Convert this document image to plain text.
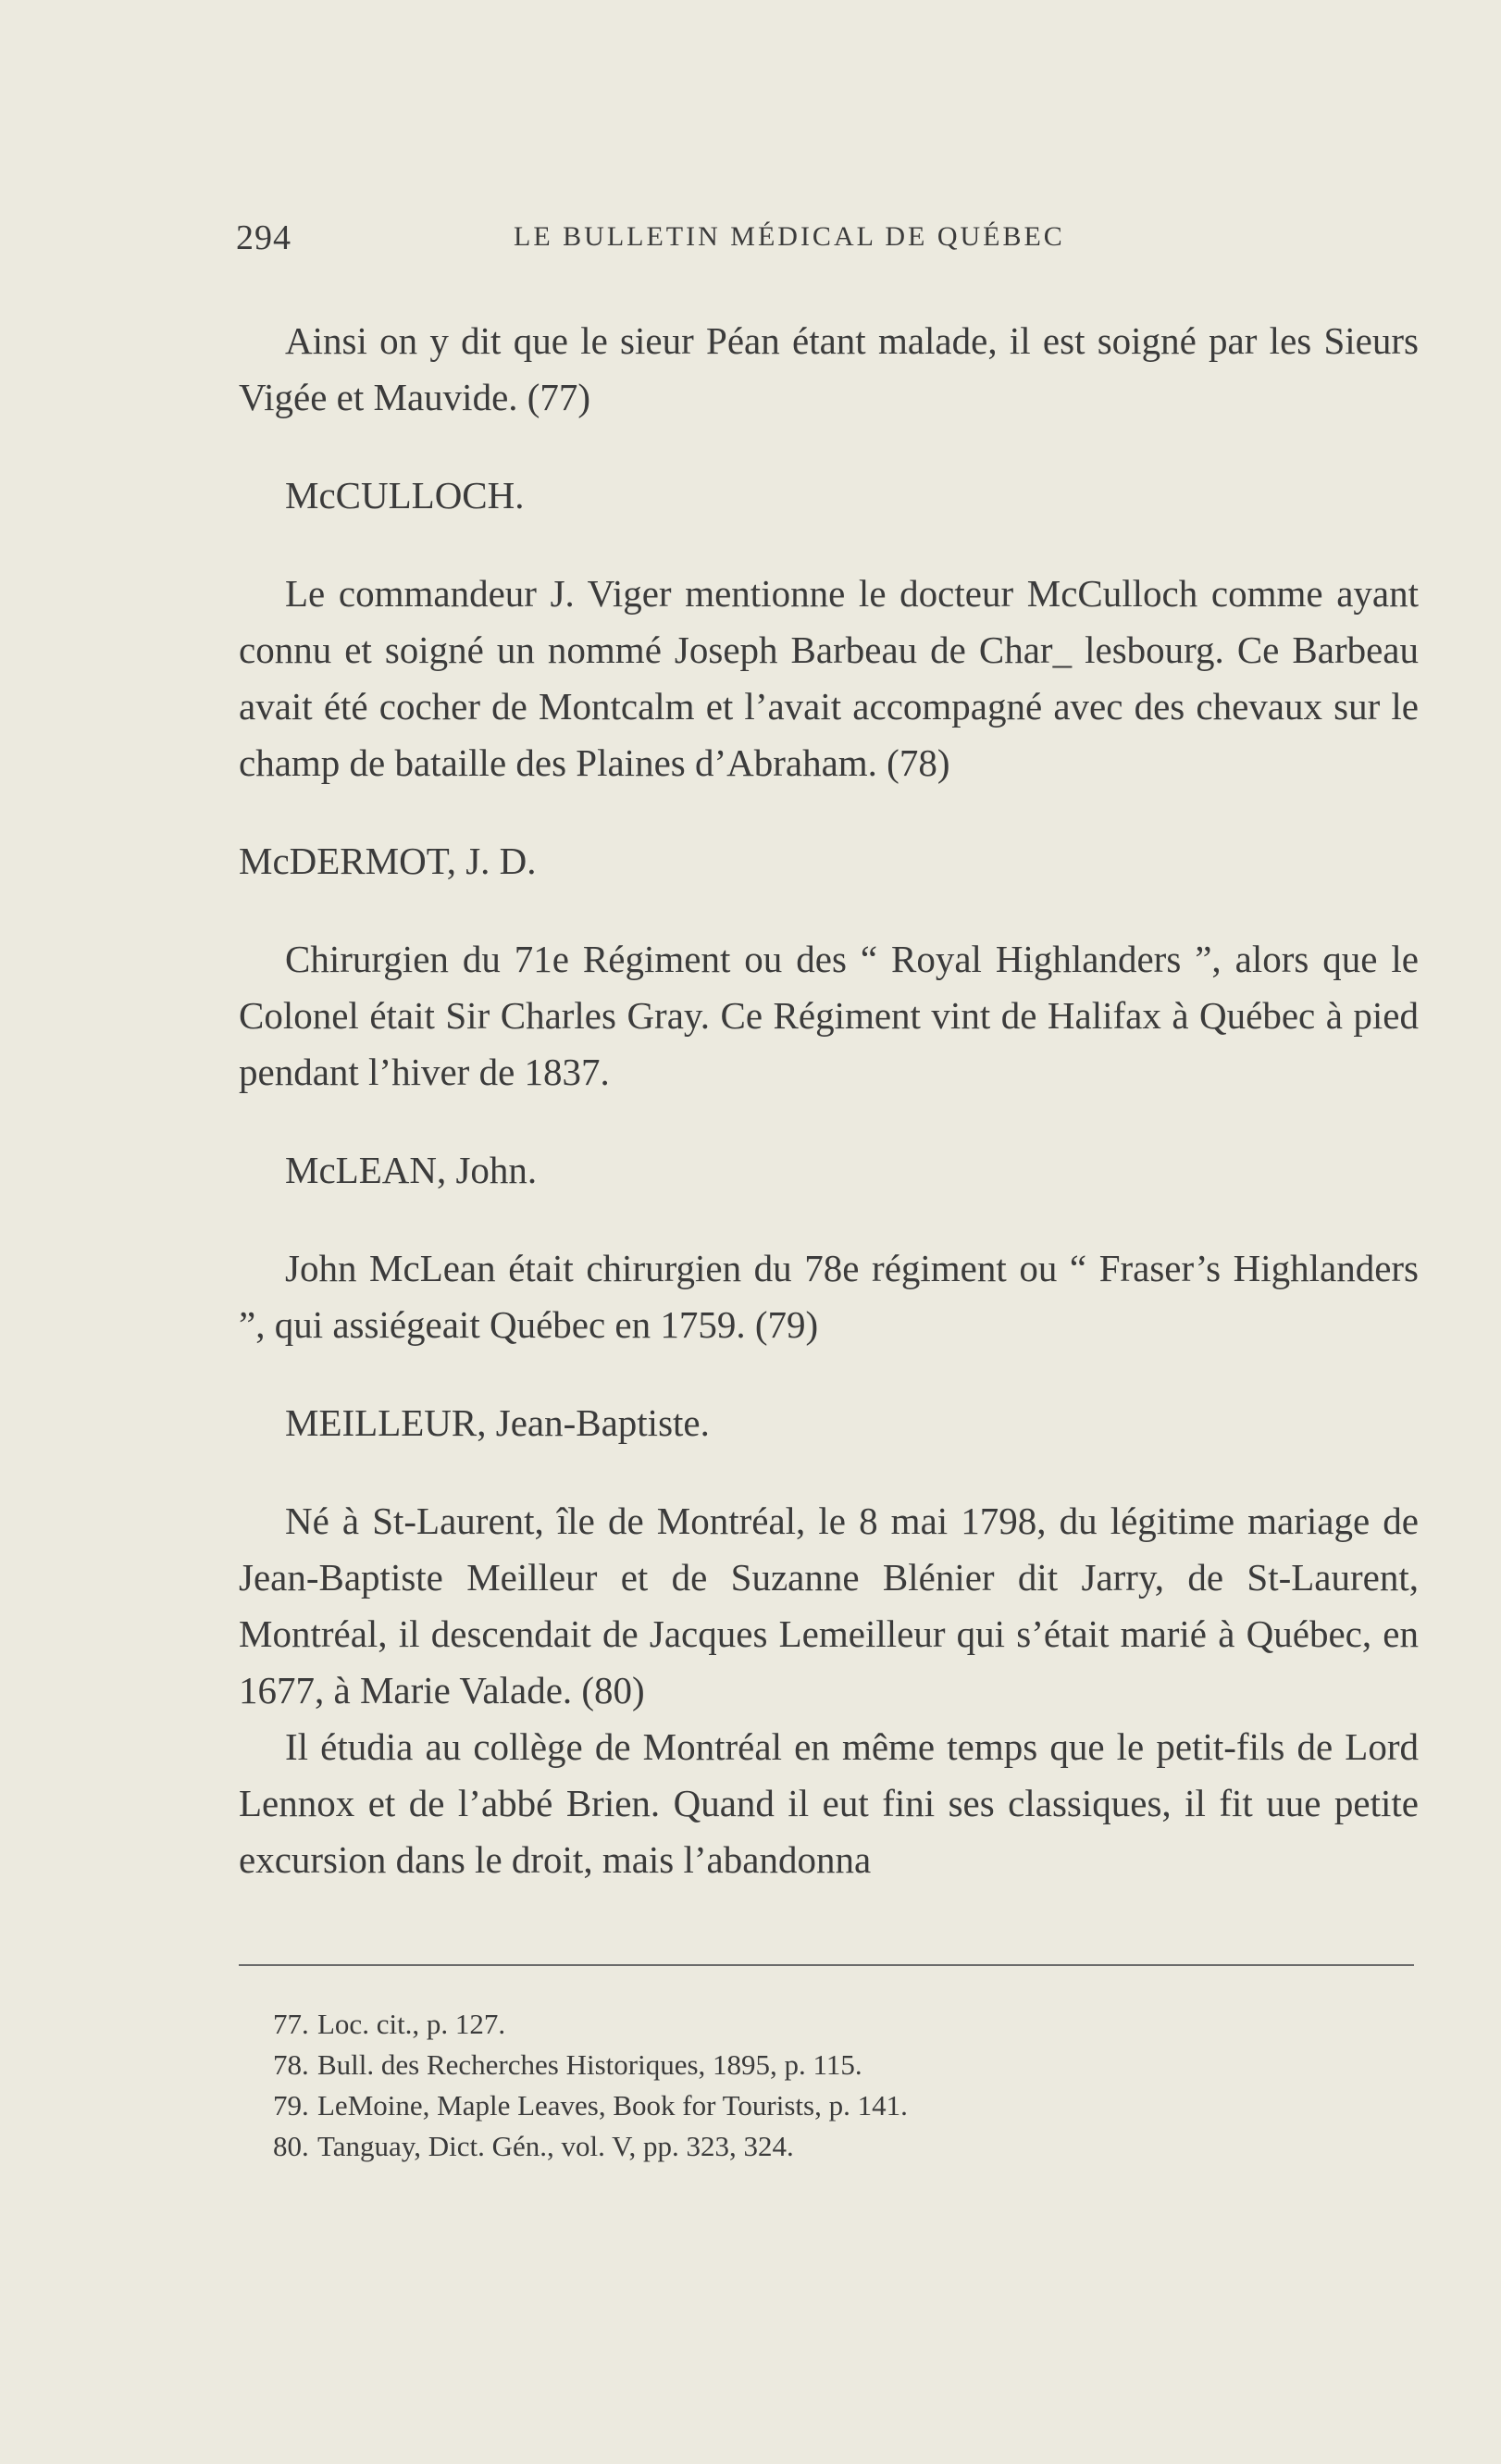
294	LE BULLETIN MÉDICAL DE QUÉBEC

Ainsi on y dit que le sieur Péan étant malade, il est soigné par les Sieurs Vigée et Mauvide. (77)

McCULLOCH.

Le commandeur J. Viger mentionne le docteur McCulloch comme ayant connu et soigné un nommé Joseph Barbeau de Char_ lesbourg. Ce Barbeau avait été cocher de Montcalm et l’avait accompagné avec des chevaux sur le champ de bataille des Plaines d’Abraham. (78)

McDERMOT, J. D.

Chirurgien du 71e Régiment ou des “ Royal Highlanders ”, alors que le Colonel était Sir Charles Gray. Ce Régiment vint de Halifax à Québec à pied pendant l’hiver de 1837.

McLEAN, John.

John McLean était chirurgien du 78e régiment ou “ Fraser’s Highlanders ”, qui assiégeait Québec en 1759. (79)

MEILLEUR, Jean-Baptiste.

Né à St-Laurent, île de Montréal, le 8 mai 1798, du légitime mariage de Jean-Baptiste Meilleur et de Suzanne Blénier dit Jarry, de St-Laurent, Montréal, il descendait de Jacques Lemeilleur qui s’était marié à Québec, en 1677, à Marie Valade. (80)

Il étudia au collège de Montréal en même temps que le petit-fils de Lord Lennox et de l’abbé Brien. Quand il eut fini ses classiques, il fit uue petite excursion dans le droit, mais l’abandonna

77. Loc. cit., p. 127.

78. Bull. des Recherches Historiques, 1895, p. 115.

79. LeMoine, Maple Leaves, Book for Tourists, p. 141.

80. Tanguay, Dict. Gén., vol. V, pp. 323, 324.
